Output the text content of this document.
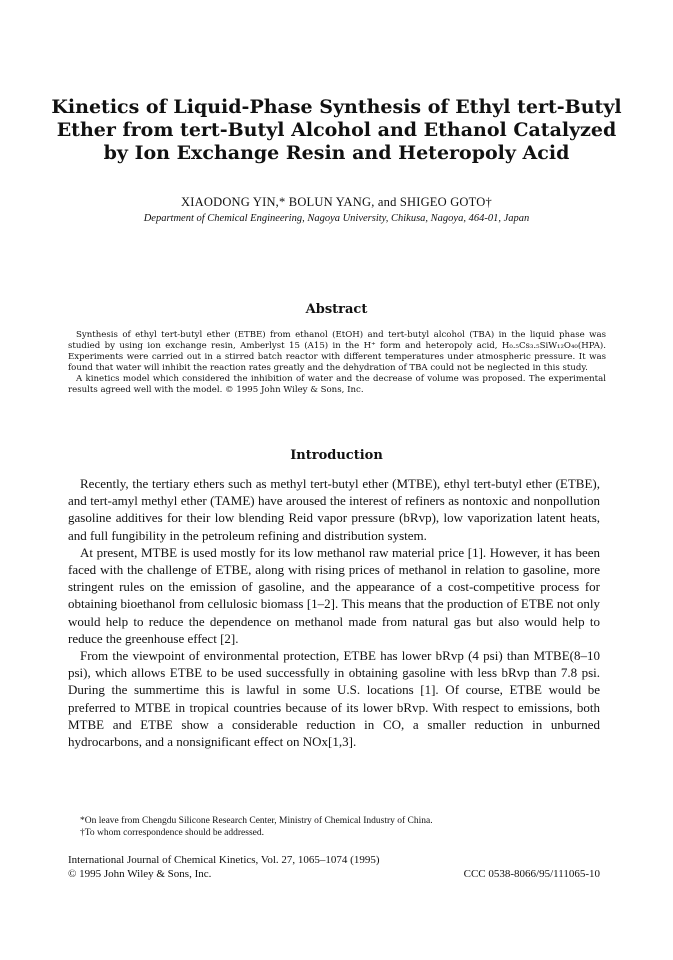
Kinetics of Liquid-Phase Synthesis of Ethyl tert-Butyl
Ether from tert-Butyl Alcohol and Ethanol Catalyzed
by Ion Exchange Resin and Heteropoly Acid
XIAODONG YIN,* BOLUN YANG, and SHIGEO GOTO†
Department of Chemical Engineering, Nagoya University, Chikusa, Nagoya, 464-01, Japan
Abstract

Synthesis of ethyl tert-butyl ether (ETBE) from ethanol (EtOH) and tert-butyl alcohol (TBA) in the liquid phase was studied by using ion exchange resin, Amberlyst 15 (A15) in the H⁺ form and heteropoly acid, H₀.₅Cs₃.₅SiW₁₂O₄₀(HPA). Experiments were carried out in a stirred batch reactor with different temperatures under atmospheric pressure. It was found that water will inhibit the reaction rates greatly and the dehydration of TBA could not be neglected in this study.

A kinetics model which considered the inhibition of water and the decrease of volume was proposed. The experimental results agreed well with the model. © 1995 John Wiley & Sons, Inc.

Introduction

Recently, the tertiary ethers such as methyl tert-butyl ether (MTBE), ethyl tert-butyl ether (ETBE), and tert-amyl methyl ether (TAME) have aroused the interest of refiners as nontoxic and nonpollution gasoline additives for their low blending Reid vapor pressure (bRvp), low vaporization latent heats, and full fungibility in the petroleum refining and distribution system.

At present, MTBE is used mostly for its low methanol raw material price [1]. However, it has been faced with the challenge of ETBE, along with rising prices of methanol in relation to gasoline, more stringent rules on the emission of gasoline, and the appearance of a cost-competitive process for obtaining bioethanol from cellulosic biomass [1–2]. This means that the production of ETBE not only would help to reduce the dependence on methanol made from natural gas but also would help to reduce the greenhouse effect [2].

From the viewpoint of environmental protection, ETBE has lower bRvp (4 psi) than MTBE(8–10 psi), which allows ETBE to be used successfully in obtaining gasoline with less bRvp than 7.8 psi. During the summertime this is lawful in some U.S. locations [1]. Of course, ETBE would be preferred to MTBE in tropical countries because of its lower bRvp. With respect to emissions, both MTBE and ETBE show a considerable reduction in CO, a smaller reduction in unburned hydrocarbons, and a nonsignificant effect on NOx[1,3].

*On leave from Chengdu Silicone Research Center, Ministry of Chemical Industry of China.
†To whom correspondence should be addressed.
International Journal of Chemical Kinetics, Vol. 27, 1065–1074 (1995)
© 1995 John Wiley & Sons, Inc.	CCC 0538-8066/95/111065-10
